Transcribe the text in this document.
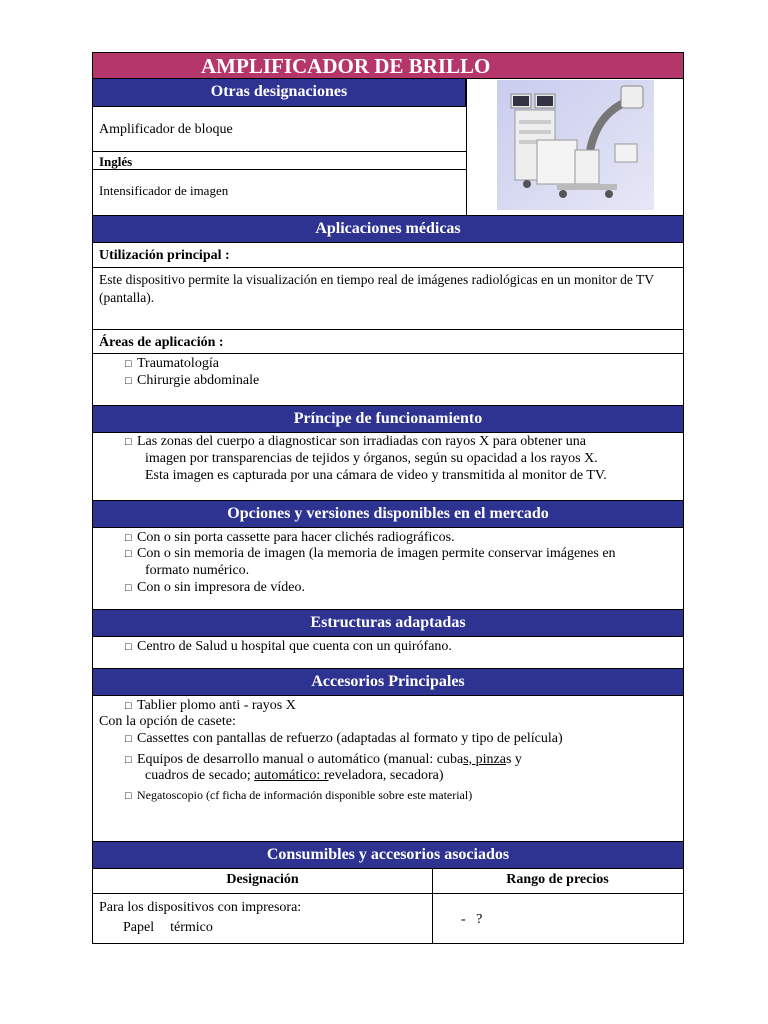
AMPLIFICADOR DE BRILLO
Otras designaciones
Amplificador de bloque
Inglés
Intensificador de imagen
Aplicaciones médicas
Utilización principal :
Este dispositivo permite la visualización en tiempo real de imágenes radiológicas en un monitor de TV
(pantalla).
Áreas de aplicación :
□ Traumatología
□ Chirurgie abdominale
Príncipe de funcionamiento
□ Las zonas del cuerpo a diagnosticar son irradiadas con rayos X para obtener una
imagen por transparencias de tejidos y órganos, según su opacidad a los rayos X.
Esta imagen es capturada por una cámara de video y transmitida al monitor de TV.
Opciones y versiones disponibles en el mercado
□ Con o sin porta cassette para hacer clichés radiográficos.
□ Con o sin memoria de imagen (la memoria de imagen permite conservar imágenes en
formato numérico.
□ Con o sin impresora de vídeo.
Estructuras adaptadas
□ Centro de Salud u hospital que cuenta con un quirófano.
Accesorios Principales
□ Tablier plomo anti - rayos X
Con la opción de casete:
□ Cassettes con pantallas de refuerzo (adaptadas al formato y tipo de película)
□ Equipos de desarrollo manual o automático (manual: cubas, pinzas y
cuadros de secado; automático: reveladora, secadora)
□ Negatoscopio (cf ficha de información disponible sobre este material)
Consumibles y accesorios asociados
Designación	Rango de precios
Para los dispositivos con impresora:
Papel térmico
-   ?
